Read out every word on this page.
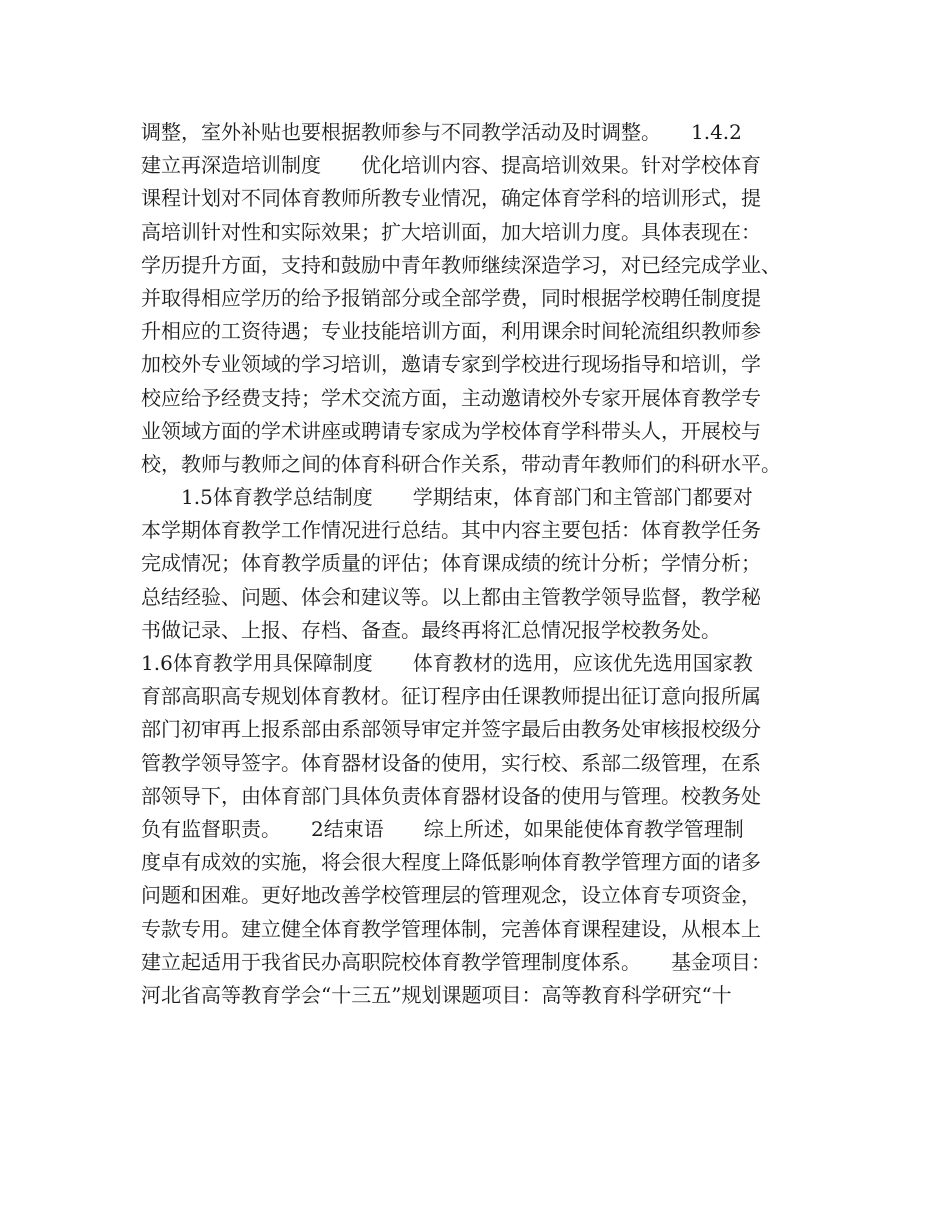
调整，室外补贴也要根据教师参与不同教学活动及时调整。　　1.4.2
建立再深造培训制度　　优化培训内容、提高培训效果。针对学校体育
课程计划对不同体育教师所教专业情况，确定体育学科的培训形式，提
高培训针对性和实际效果；扩大培训面，加大培训力度。具体表现在：
学历提升方面，支持和鼓励中青年教师继续深造学习，对已经完成学业、
并取得相应学历的给予报销部分或全部学费，同时根据学校聘任制度提
升相应的工资待遇；专业技能培训方面，利用课余时间轮流组织教师参
加校外专业领域的学习培训，邀请专家到学校进行现场指导和培训，学
校应给予经费支持；学术交流方面，主动邀请校外专家开展体育教学专
业领域方面的学术讲座或聘请专家成为学校体育学科带头人，开展校与
校，教师与教师之间的体育科研合作关系，带动青年教师们的科研水平。
　　1.5体育教学总结制度　　学期结束，体育部门和主管部门都要对
本学期体育教学工作情况进行总结。其中内容主要包括：体育教学任务
完成情况；体育教学质量的评估；体育课成绩的统计分析；学情分析；
总结经验、问题、体会和建议等。以上都由主管教学领导监督，教学秘
书做记录、上报、存档、备查。最终再将汇总情况报学校教务处。
1.6体育教学用具保障制度　　体育教材的选用，应该优先选用国家教
育部高职高专规划体育教材。征订程序由任课教师提出征订意向报所属
部门初审再上报系部由系部领导审定并签字最后由教务处审核报校级分
管教学领导签字。体育器材设备的使用，实行校、系部二级管理，在系
部领导下，由体育部门具体负责体育器材设备的使用与管理。校教务处
负有监督职责。　　2结束语　　综上所述，如果能使体育教学管理制
度卓有成效的实施，将会很大程度上降低影响体育教学管理方面的诸多
问题和困难。更好地改善学校管理层的管理观念，设立体育专项资金，
专款专用。建立健全体育教学管理体制，完善体育课程建设，从根本上
建立起适用于我省民办高职院校体育教学管理制度体系。　　基金项目：
河北省高等教育学会“十三五”规划课题项目：高等教育科学研究“十
